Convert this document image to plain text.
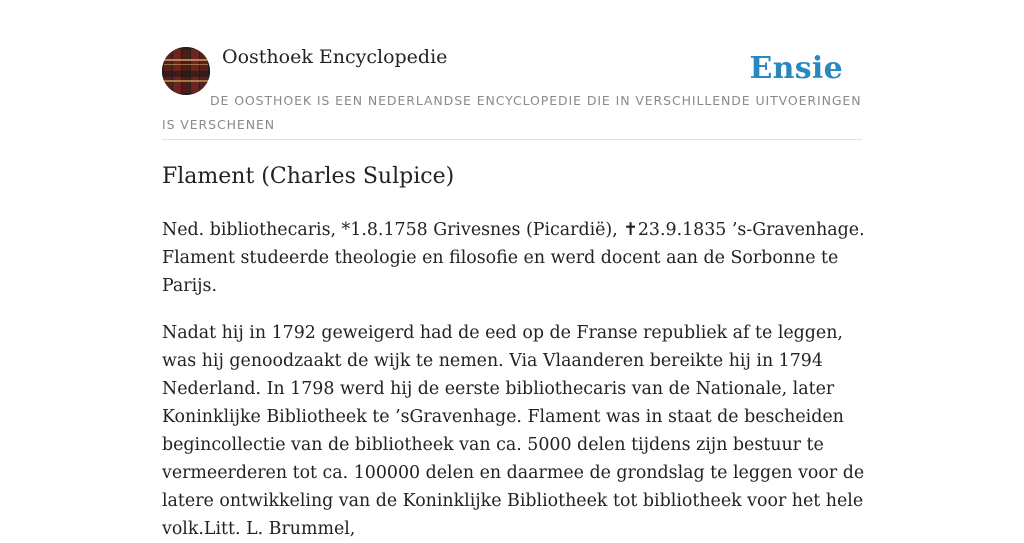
Oosthoek Encyclopedie	Ensie
DE OOSTHOEK IS EEN NEDERLANDSE ENCYCLOPEDIE DIE IN VERSCHILLENDE UITVOERINGEN IS VERSCHENEN
Flament (Charles Sulpice)

Ned. bibliothecaris, *1.8.1758 Grivesnes (Picardië), ✝23.9.1835 ’s-Gravenhage. Flament studeerde theologie en filosofie en werd docent aan de Sorbonne te Parijs.

Nadat hij in 1792 geweigerd had de eed op de Franse republiek af te leggen, was hij genoodzaakt de wijk te nemen. Via Vlaanderen bereikte hij in 1794 Nederland. In 1798 werd hij de eerste bibliothecaris van de Nationale, later Koninklijke Bibliotheek te ’sGravenhage. Flament was in staat de bescheiden begincollectie van de bibliotheek van ca. 5000 delen tijdens zijn bestuur te vermeerderen tot ca. 100000 delen en daarmee de grondslag te leggen voor de latere ontwikkeling van de Koninklijke Bibliotheek tot bibliotheek voor het hele volk.Litt. L. Brummel,
